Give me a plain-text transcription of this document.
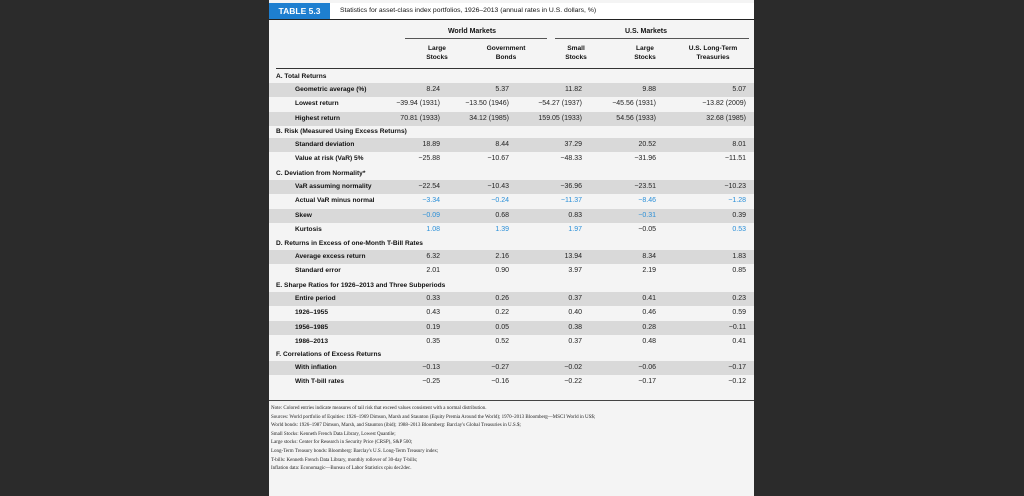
TABLE 5.3	Statistics for asset-class index portfolios, 1926–2013 (annual rates in U.S. dollars, %)
World Markets	U.S. Markets
Large
Stocks
Government
Bonds
Small
Stocks
Large
Stocks
U.S. Long-Term
Treasuries
A. Total Returns
Geometric average (%)	8.24	5.37	11.82	9.88	5.07
Lowest return	−39.94 (1931)	−13.50 (1946)	−54.27 (1937)	−45.56 (1931)	−13.82 (2009)
Highest return	70.81 (1933)	34.12 (1985)	159.05 (1933)	54.56 (1933)	32.68 (1985)
B. Risk (Measured Using Excess Returns)
Standard deviation	18.89	8.44	37.29	20.52	8.01
Value at risk (VaR) 5%	−25.88	−10.67	−48.33	−31.96	−11.51
C. Deviation from Normality*
VaR assuming normality	−22.54	−10.43	−36.96	−23.51	−10.23
Actual VaR minus normal	−3.34	−0.24	−11.37	−8.46	−1.28
Skew	−0.09	0.68	0.83	−0.31	0.39
Kurtosis	1.08	1.39	1.97	−0.05	0.53
D. Returns in Excess of one-Month T-Bill Rates
Average excess return	6.32	2.16	13.94	8.34	1.83
Standard error	2.01	0.90	3.97	2.19	0.85
E. Sharpe Ratios for 1926–2013 and Three Subperiods
Entire period	0.33	0.26	0.37	0.41	0.23
1926–1955	0.43	0.22	0.40	0.46	0.59
1956–1985	0.19	0.05	0.38	0.28	−0.11
1986–2013	0.35	0.52	0.37	0.48	0.41
F. Correlations of Excess Returns
With inflation	−0.13	−0.27	−0.02	−0.06	−0.17
With T-bill rates	−0.25	−0.16	−0.22	−0.17	−0.12
Note: Colored entries indicate measures of tail risk that exceed values consistent with a normal distribution.
Sources: World portfolio of Equities: 1926–1969 Dimson, Marsh and Staunton (Equity Premia Around the World); 1970–2013 Bloomberg—MSCI World in US$;
World bonds: 1926–1987 Dimson, Marsh, and Staunton (ibid); 1988–2013 Bloomberg: Barclay's Global Treasuries in U.S.$;
Small Stocks: Kenneth French Data Library, Lowest Quantile;
Large stocks: Center for Research in Security Price (CRSP), S&P 500;
Long-Term Treasury bonds: Bloomberg: Barclay's U.S. Long-Term Treasury index;
T-bills: Kenneth French Data Library, monthly rollover of 30-day T-bills;
Inflation data: Economagic—Bureau of Labor Statistics cpiu dec2dec.
